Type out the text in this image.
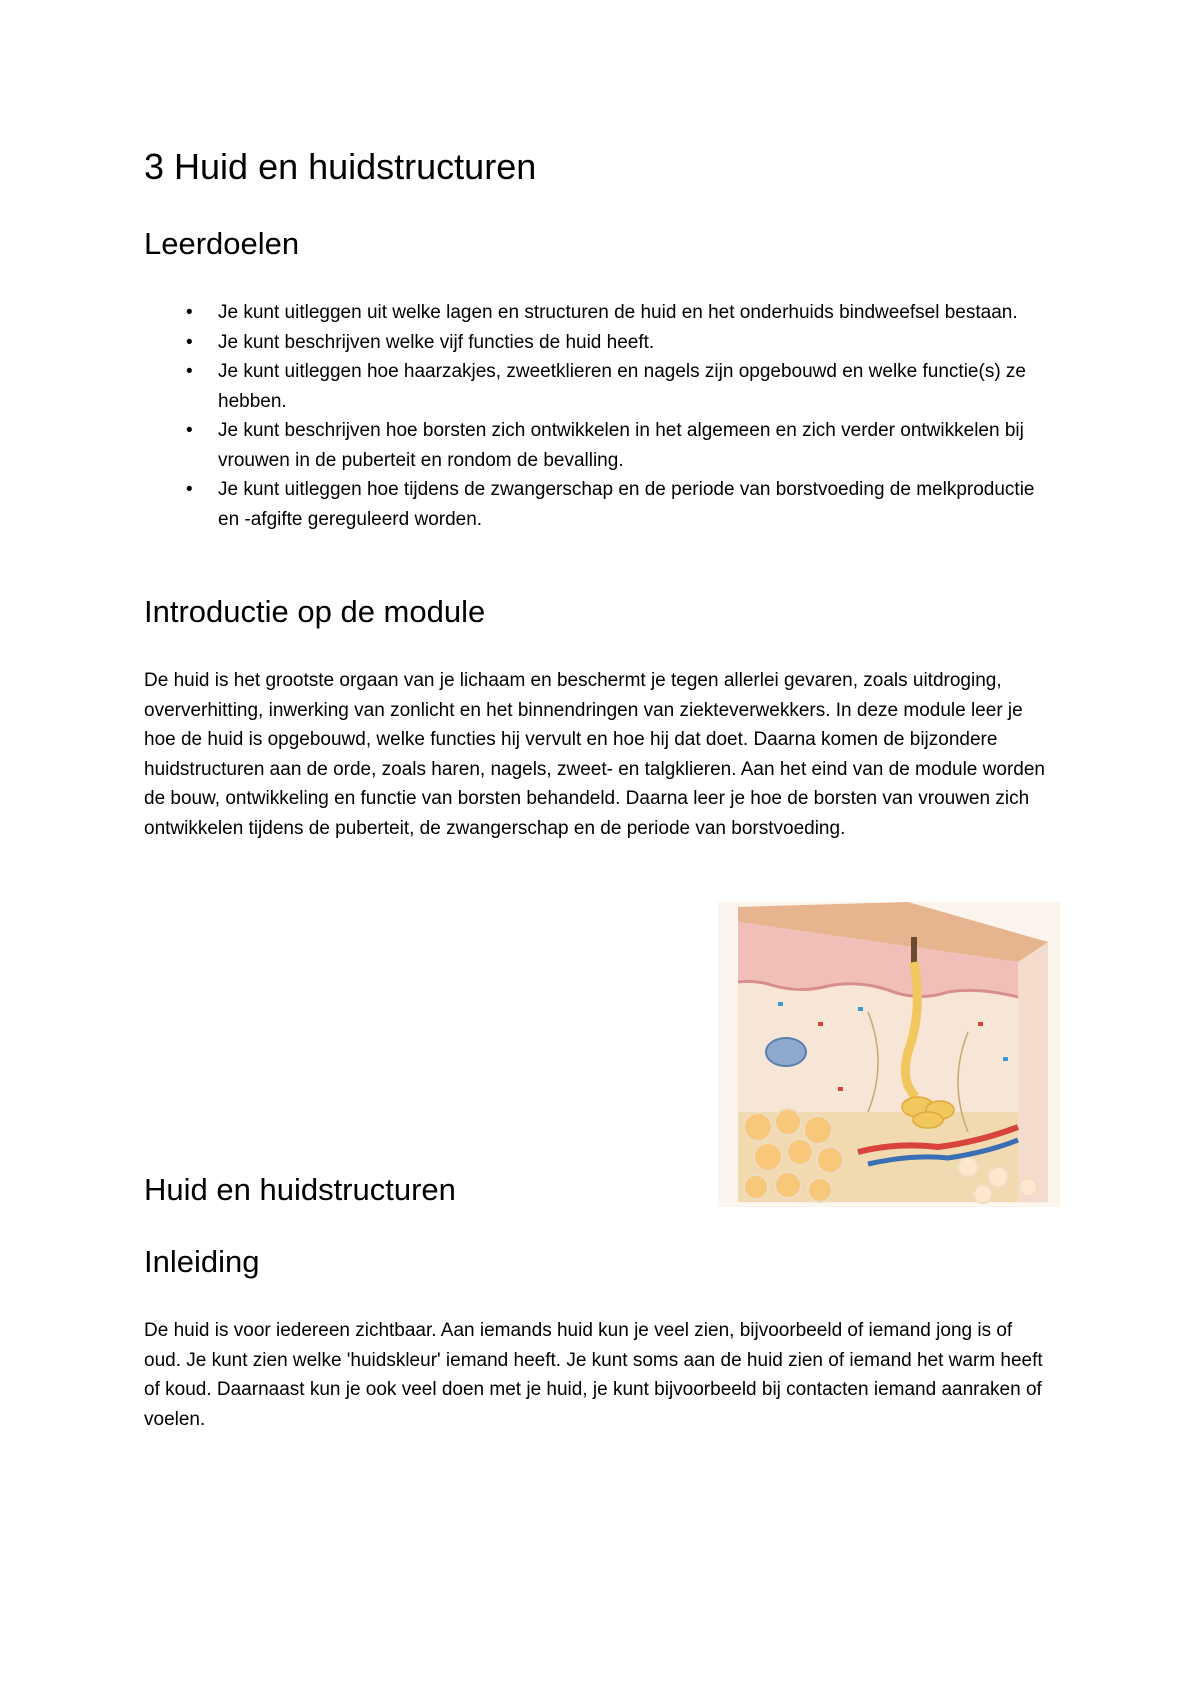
3 Huid en huidstructuren
Leerdoelen
• Je kunt uitleggen uit welke lagen en structuren de huid en het onderhuids bindweefsel bestaan.
• Je kunt beschrijven welke vijf functies de huid heeft.
• Je kunt uitleggen hoe haarzakjes, zweetklieren en nagels zijn opgebouwd en welke functie(s) ze hebben.
• Je kunt beschrijven hoe borsten zich ontwikkelen in het algemeen en zich verder ontwikkelen bij vrouwen in de puberteit en rondom de bevalling.
• Je kunt uitleggen hoe tijdens de zwangerschap en de periode van borstvoeding de melkproductie en -afgifte gereguleerd worden.
Introductie op de module

De huid is het grootste orgaan van je lichaam en beschermt je tegen allerlei gevaren, zoals uitdroging, oververhitting, inwerking van zonlicht en het binnendringen van ziekteverwekkers. In deze module leer je hoe de huid is opgebouwd, welke functies hij vervult en hoe hij dat doet. Daarna komen de bijzondere huidstructuren aan de orde, zoals haren, nagels, zweet- en talgklieren. Aan het eind van de module worden de bouw, ontwikkeling en functie van borsten behandeld. Daarna leer je hoe de borsten van vrouwen zich ontwikkelen tijdens de puberteit, de zwangerschap en de periode van borstvoeding.

Huid en huidstructuren
Inleiding

De huid is voor iedereen zichtbaar. Aan iemands huid kun je veel zien, bijvoorbeeld of iemand jong is of oud. Je kunt zien welke 'huidskleur' iemand heeft. Je kunt soms aan de huid zien of iemand het warm heeft of koud. Daarnaast kun je ook veel doen met je huid, je kunt bijvoorbeeld bij contacten iemand aanraken of voelen.
